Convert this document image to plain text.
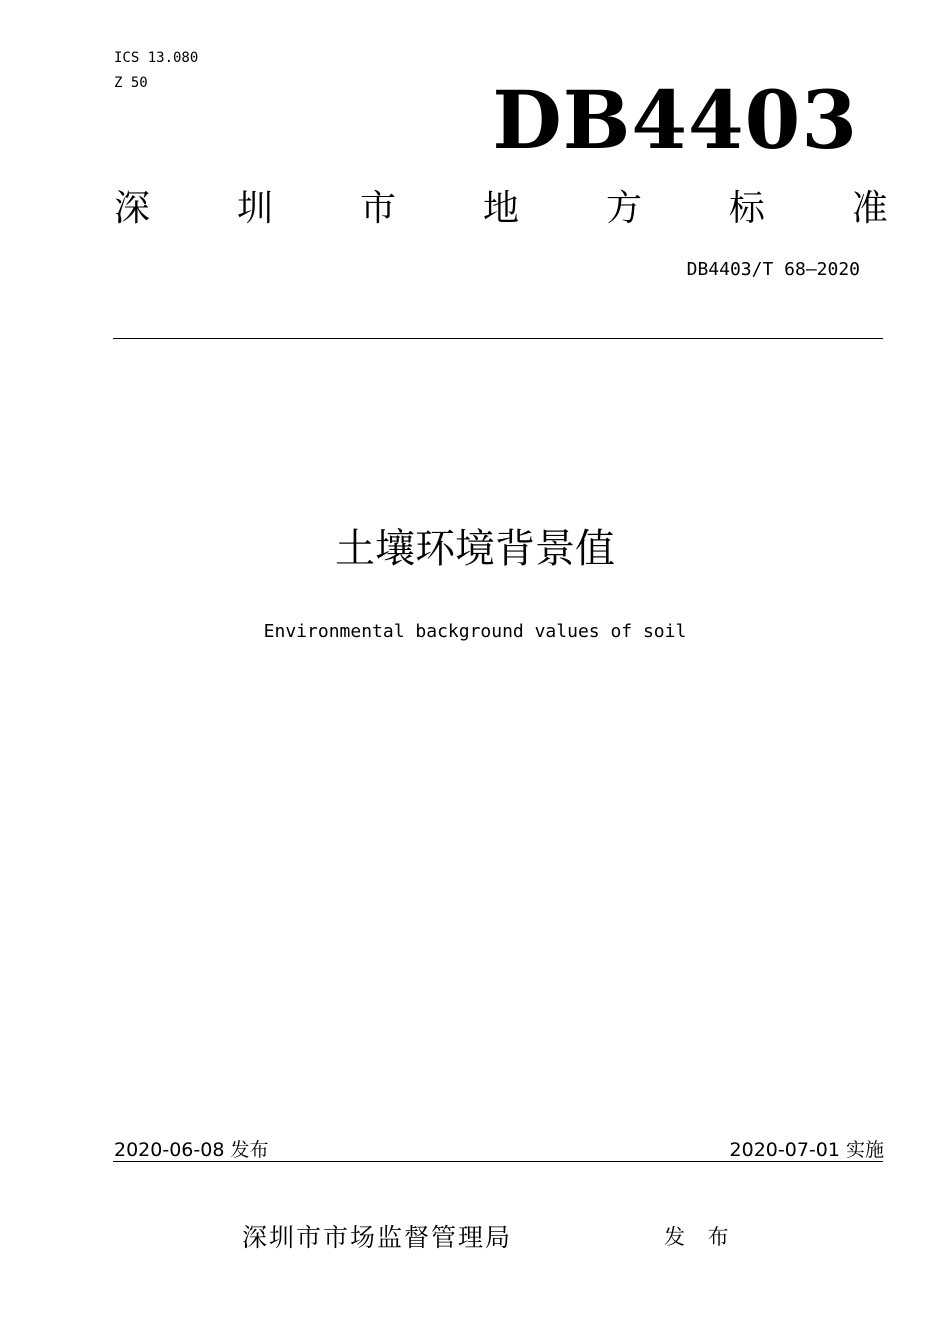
ICS 13.080
Z 50	DB4403
深 圳 市 地 方 标 准
DB4403/T 68—2020
土壤环境背景值
Environmental background values of soil
2020-06-08 发布	2020-07-01 实施
深圳市市场监督管理局	发 布
